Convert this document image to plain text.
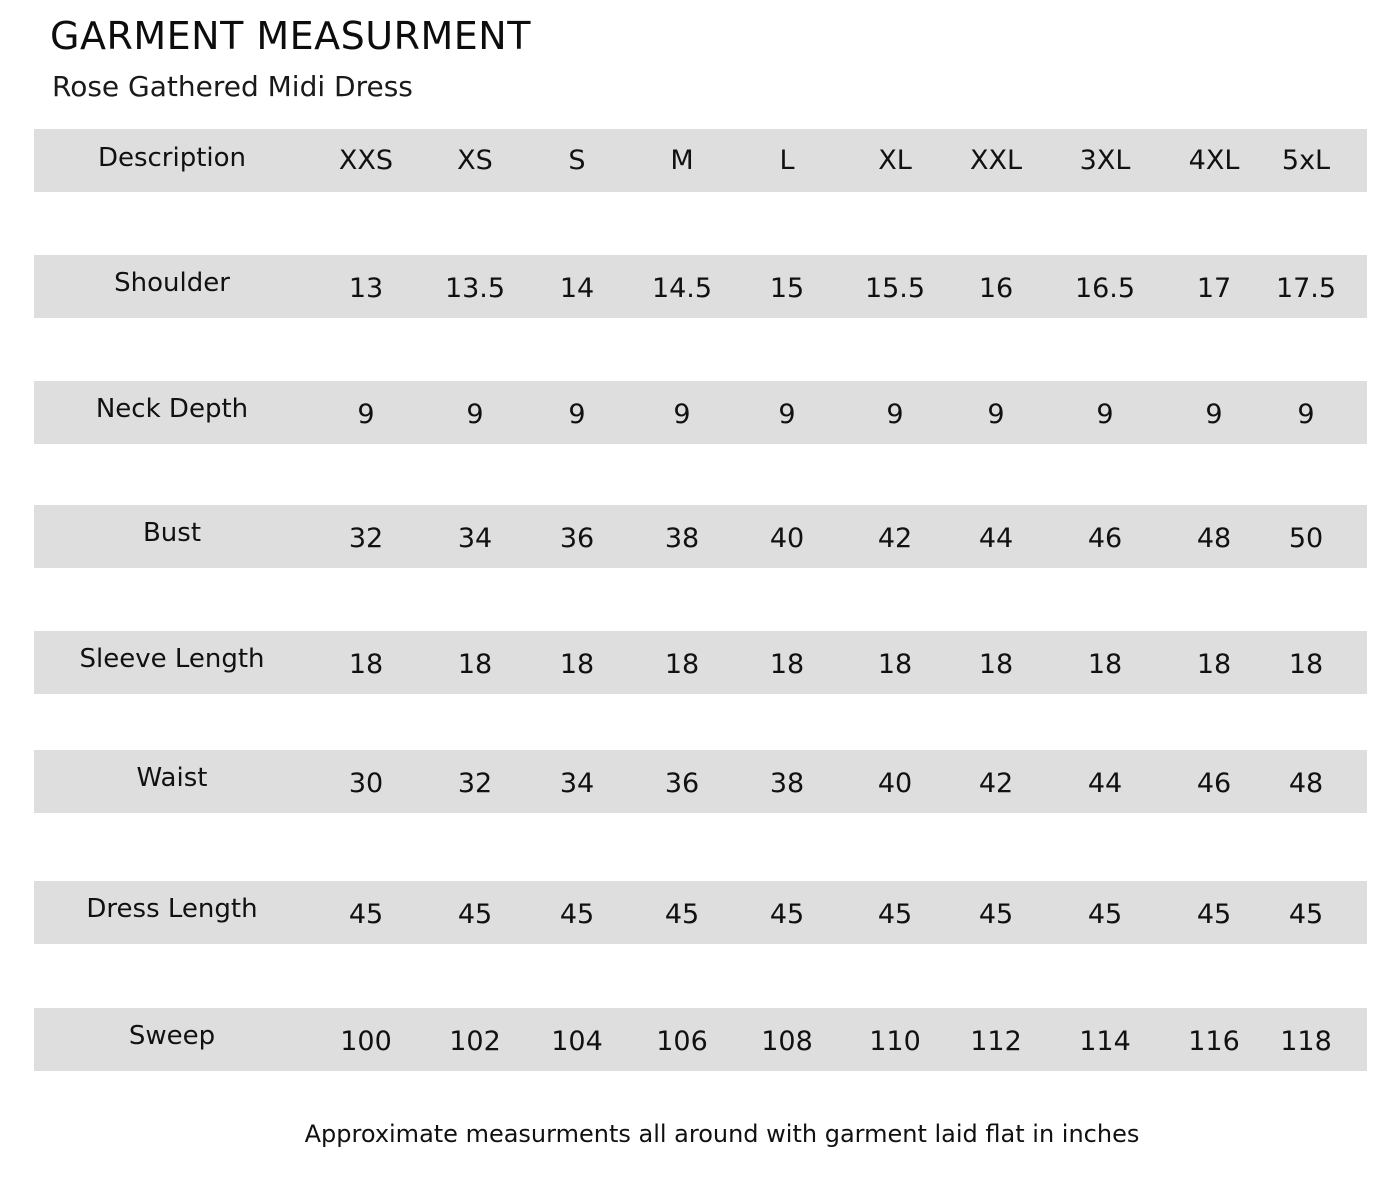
GARMENT MEASURMENT
Rose Gathered Midi Dress
Description	XXS	XS	S	M	L	XL	XXL	3XL	4XL	5xL
Shoulder	13	13.5	14	14.5	15	15.5	16	16.5	17	17.5
Neck Depth	9	9	9	9	9	9	9	9	9	9
Bust	32	34	36	38	40	42	44	46	48	50
Sleeve Length	18	18	18	18	18	18	18	18	18	18
Waist	30	32	34	36	38	40	42	44	46	48
Dress Length	45	45	45	45	45	45	45	45	45	45
Sweep	100	102	104	106	108	110	112	114	116	118
Approximate measurments all around with garment laid flat in inches
